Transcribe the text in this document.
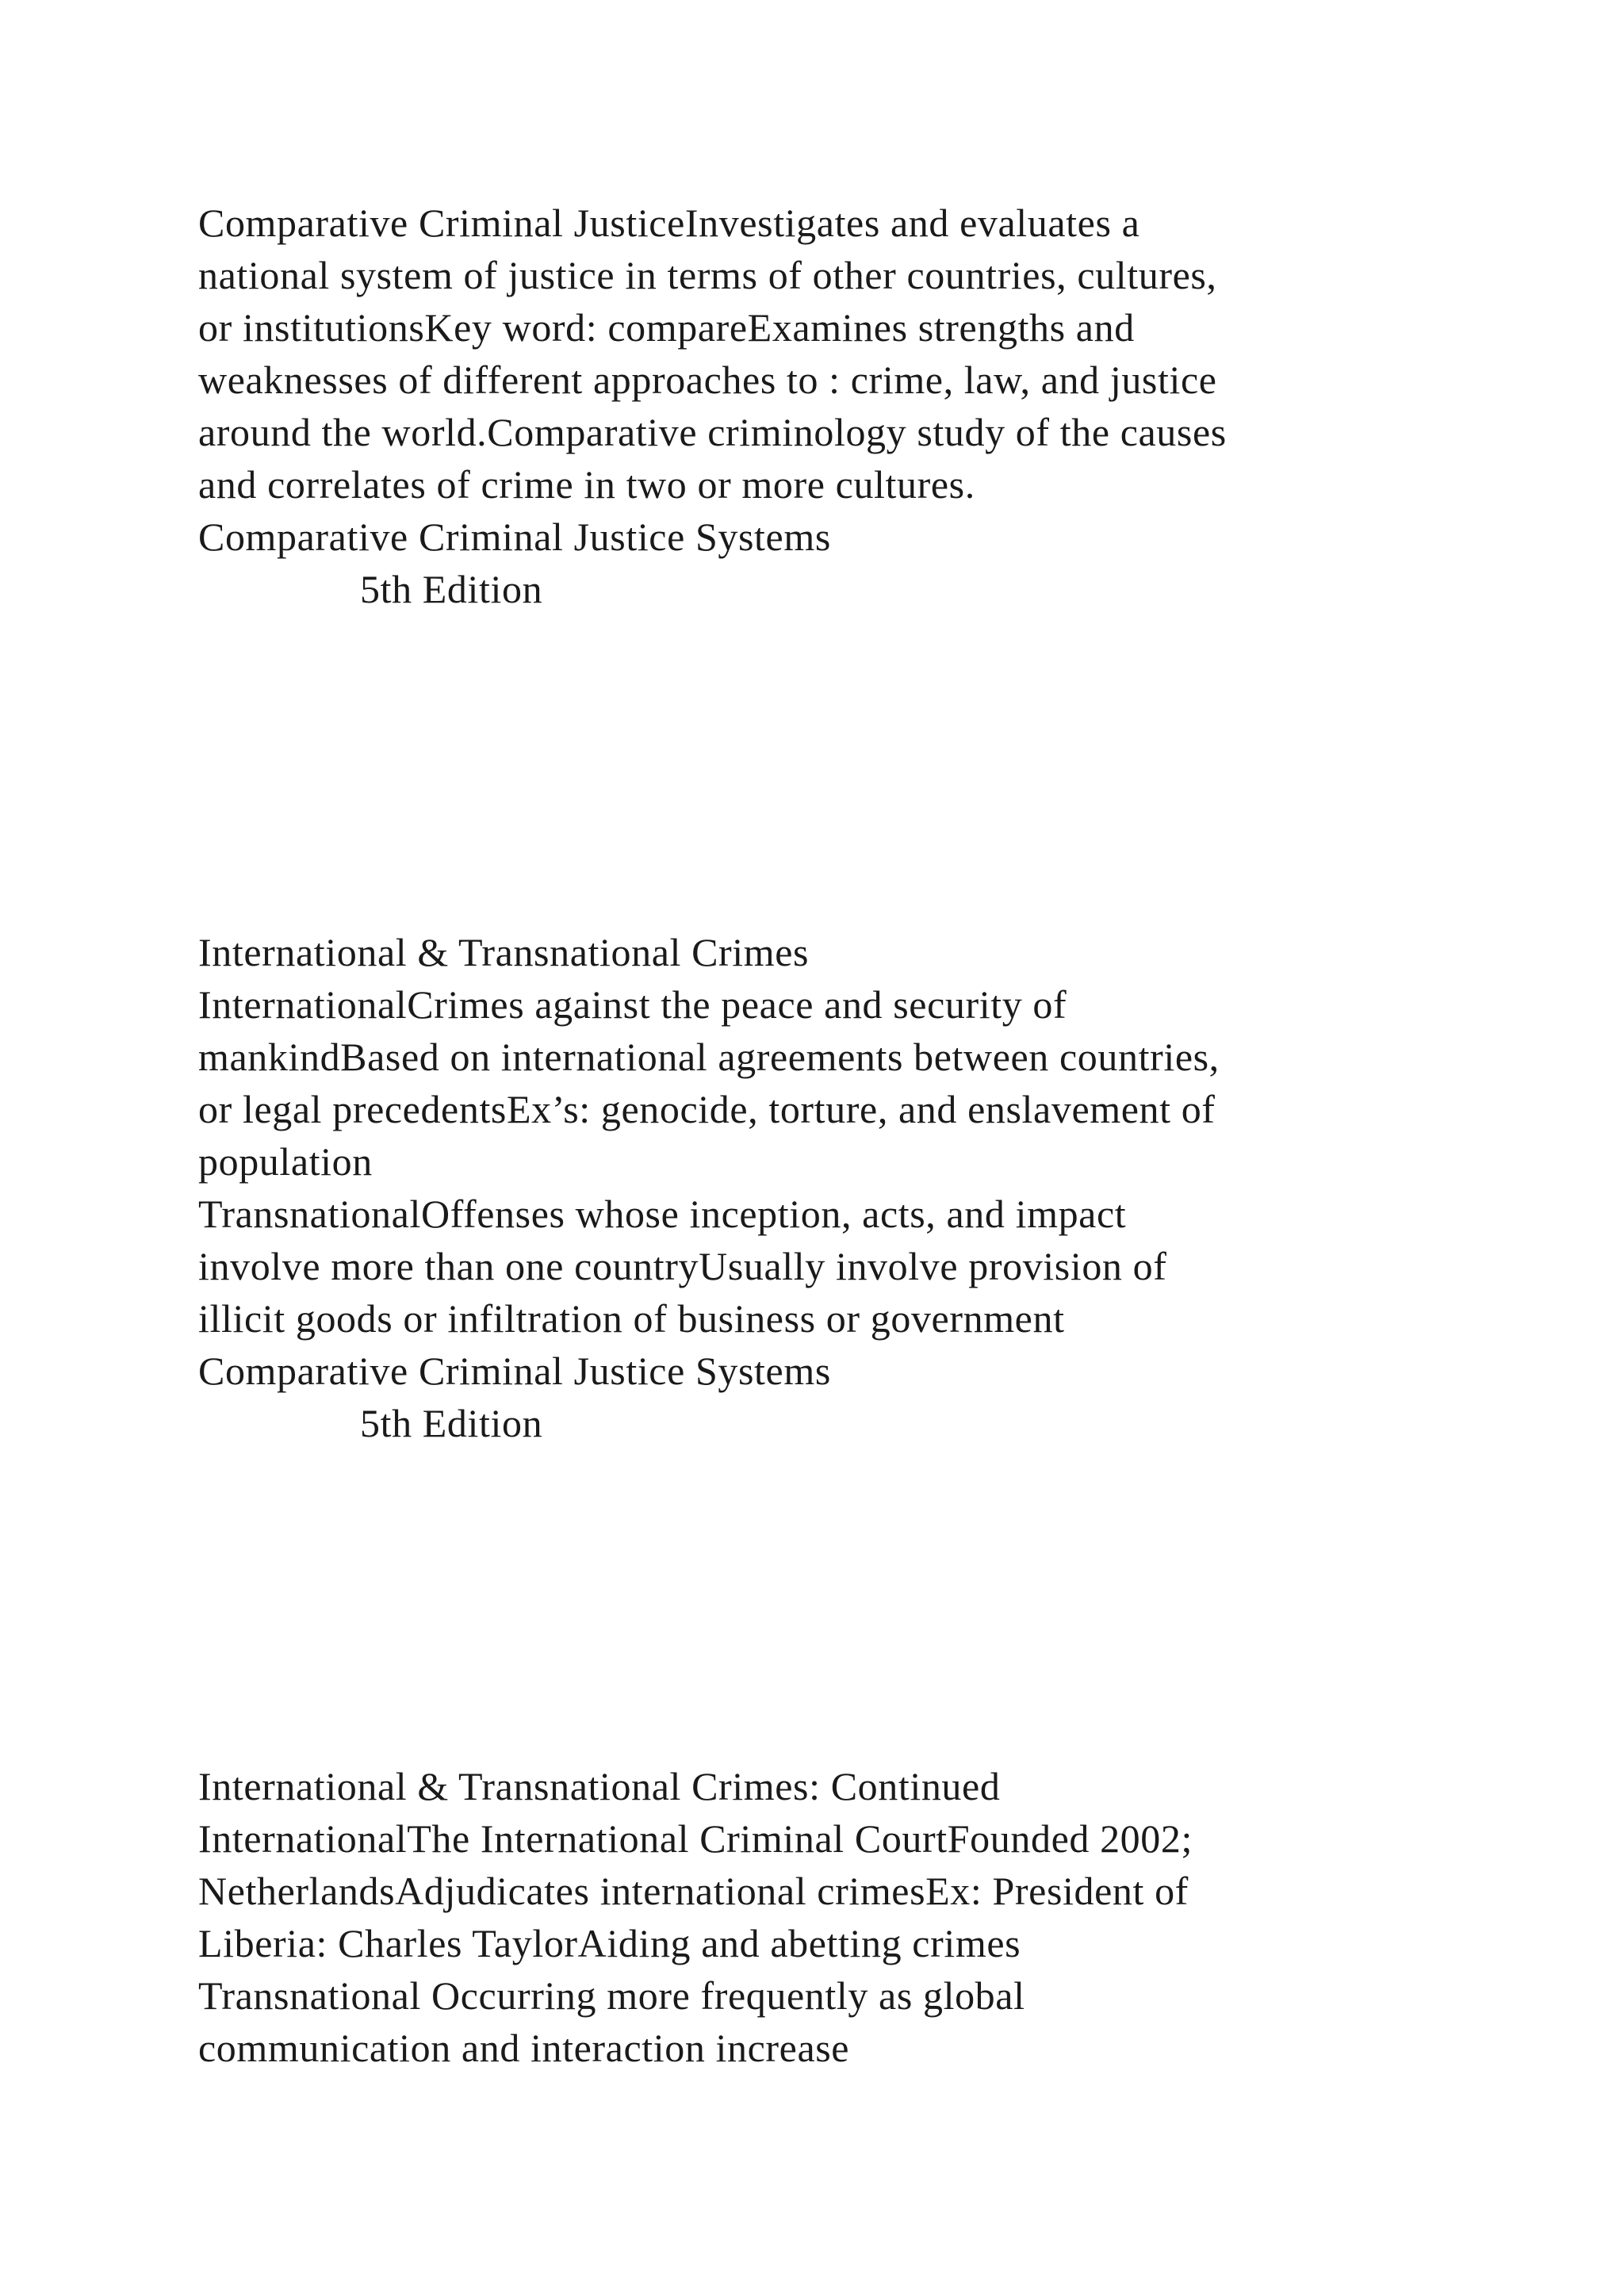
Comparative Criminal JusticeInvestigates and evaluates a
national system of justice in terms of other countries, cultures,
or institutionsKey word: compareExamines strengths and
weaknesses of different approaches to : crime, law, and justice
around the world.Comparative criminology study of the causes
and correlates of crime in two or more cultures.
Comparative Criminal Justice Systems
5th Edition
International & Transnational Crimes
InternationalCrimes against the peace and security of
mankindBased on international agreements between countries,
or legal precedentsEx’s: genocide, torture, and enslavement of
population
TransnationalOffenses whose inception, acts, and impact
involve more than one countryUsually involve provision of
illicit goods or infiltration of business or government
Comparative Criminal Justice Systems
5th Edition
International & Transnational Crimes: Continued
InternationalThe International Criminal CourtFounded 2002;
NetherlandsAdjudicates international crimesEx: President of
Liberia: Charles TaylorAiding and abetting crimes
Transnational Occurring more frequently as global
communication and interaction increase
